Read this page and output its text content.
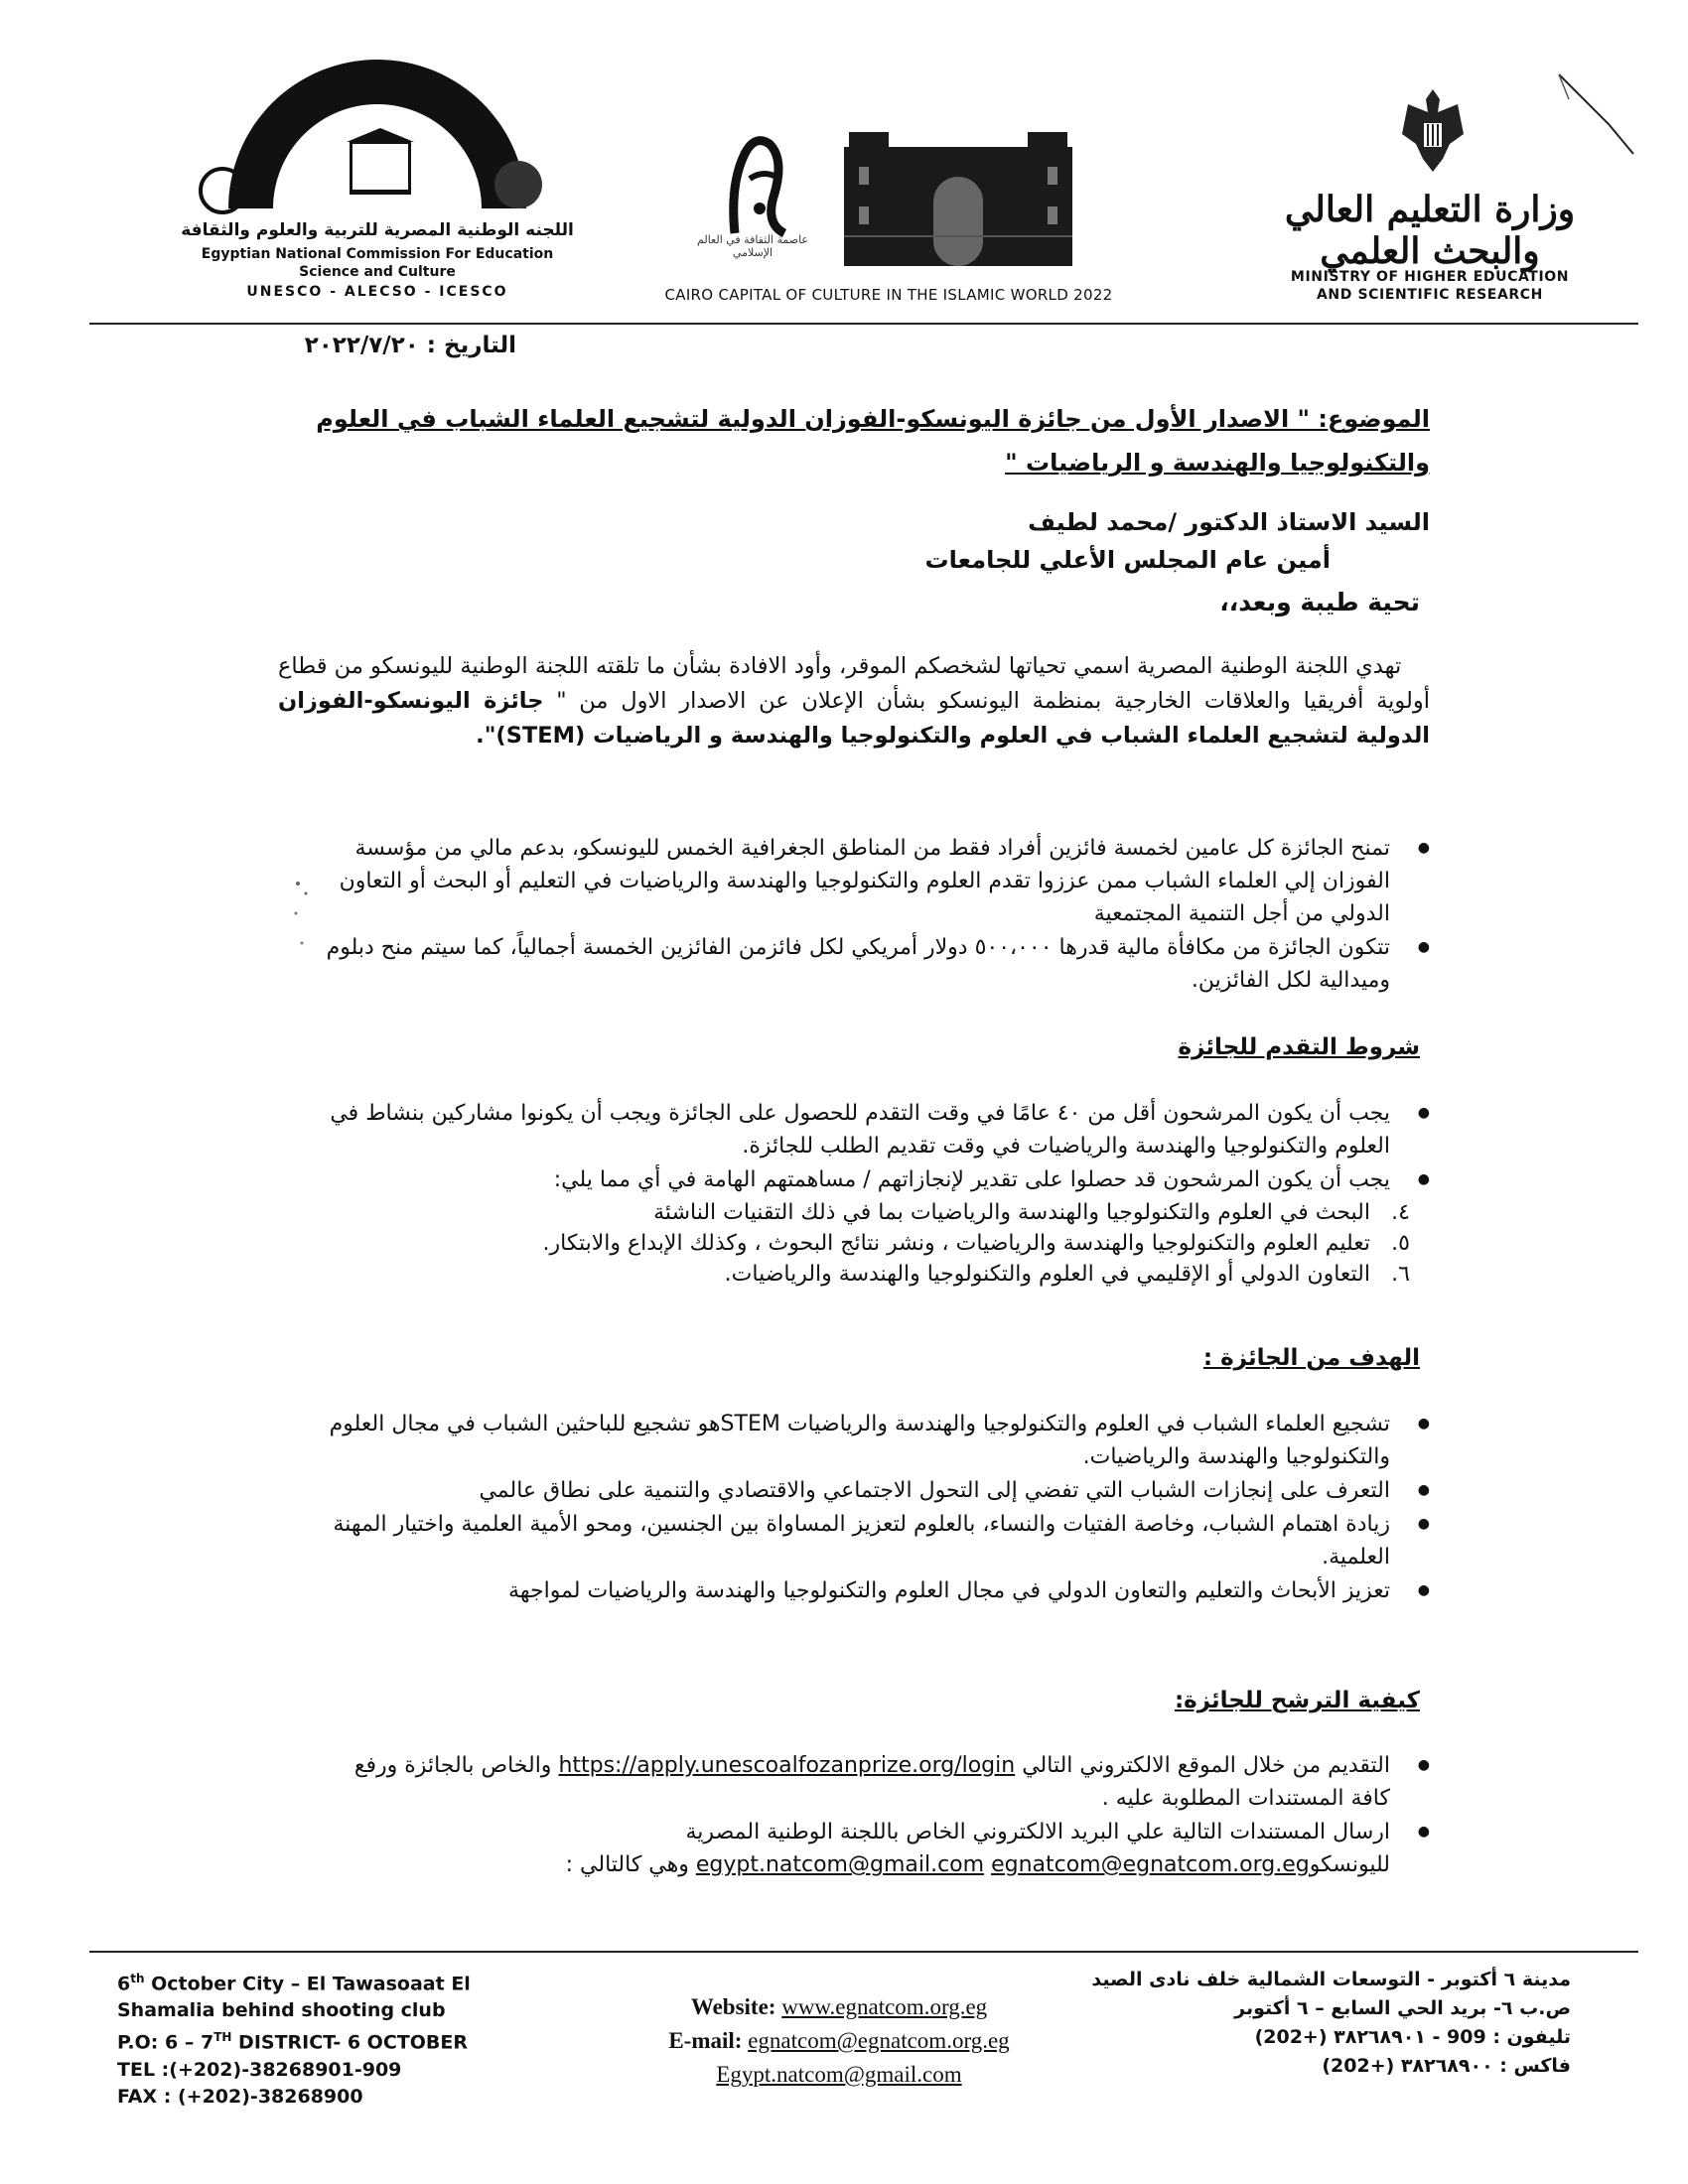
اللجنه الوطنية المصرية للتربية والعلوم والثقافة
Egyptian National Commission For Education
Science and Culture
UNESCO - ALECSO - ICESCO
عاصمة الثقافة في العالم الإسلامي
CAIRO CAPITAL OF CULTURE IN THE ISLAMIC WORLD 2022
وزارة التعليم العالي والبحث العلمي
MINISTRY OF HIGHER EDUCATION
AND SCIENTIFIC RESEARCH
التاريخ : ٢٠٢٢/٧/٢٠
الموضوع: " الاصدار الأول من جائزة اليونسكو-الفوزان الدولية لتشجيع العلماء الشباب في العلوم والتكنولوجيا والهندسة و الرياضيات "
السيد الاستاذ الدكتور /محمد لطيف
أمين عام المجلس الأعلي للجامعات
تحية طيبة وبعد،،
تهدي اللجنة الوطنية المصرية اسمي تحياتها لشخصكم الموقر، وأود الافادة بشأن ما تلقته اللجنة الوطنية لليونسكو من قطاع أولوية أفريقيا والعلاقات الخارجية بمنظمة اليونسكو بشأن الإعلان عن الاصدار الاول من " جائزة اليونسكو-الفوزان الدولية لتشجيع العلماء الشباب في العلوم والتكنولوجيا والهندسة و الرياضيات (STEM)".
● تمنح الجائزة كل عامين لخمسة فائزين أفراد فقط من المناطق الجغرافية الخمس لليونسكو، بدعم مالي من مؤسسة الفوزان إلي العلماء الشباب ممن عززوا تقدم العلوم والتكنولوجيا والهندسة والرياضيات في التعليم أو البحث أو التعاون الدولي من أجل التنمية المجتمعية
● تتكون الجائزة من مكافأة مالية قدرها ٥٠٠،٠٠٠ دولار أمريكي لكل فائزمن الفائزين الخمسة أجمالياً، كما سيتم منح دبلوم وميدالية لكل الفائزين.
شروط التقدم للجائزة
● يجب أن يكون المرشحون أقل من ٤٠ عامًا في وقت التقدم للحصول على الجائزة ويجب أن يكونوا مشاركين بنشاط في العلوم والتكنولوجيا والهندسة والرياضيات في وقت تقديم الطلب للجائزة.
● يجب أن يكون المرشحون قد حصلوا على تقدير لإنجازاتهم / مساهمتهم الهامة في أي مما يلي:
٤.
البحث في العلوم والتكنولوجيا والهندسة والرياضيات بما في ذلك التقنيات الناشئة
٥.
تعليم العلوم والتكنولوجيا والهندسة والرياضيات ، ونشر نتائج البحوث ، وكذلك الإبداع والابتكار.
٦.
التعاون الدولي أو الإقليمي في العلوم والتكنولوجيا والهندسة والرياضيات.
الهدف من الجائزة :
● تشجيع العلماء الشباب في العلوم والتكنولوجيا والهندسة والرياضيات STEMهو تشجيع للباحثين الشباب في مجال العلوم والتكنولوجيا والهندسة والرياضيات.
● التعرف على إنجازات الشباب التي تفضي إلى التحول الاجتماعي والاقتصادي والتنمية على نطاق عالمي
● زيادة اهتمام الشباب، وخاصة الفتيات والنساء، بالعلوم لتعزيز المساواة بين الجنسين، ومحو الأمية العلمية واختيار المهنة العلمية.
● تعزيز الأبحاث والتعليم والتعاون الدولي في مجال العلوم والتكنولوجيا والهندسة والرياضيات لمواجهة
كيفية الترشح للجائزة:
● التقديم من خلال الموقع الالكتروني التالي https://apply.unescoalfozanprize.org/login والخاص بالجائزة ورفع كافة المستندات المطلوبة عليه .
● ارسال المستندات التالية علي البريد الالكتروني الخاص باللجنة الوطنية المصرية لليونسكوegnatcom@egnatcom.org.eg egypt.natcom@gmail.com وهي كالتالي :
6th October City – El Tawasoaat El
Shamalia behind shooting club
P.O: 6 – 7TH DISTRICT- 6 OCTOBER
TEL :(+202)-38268901-909
FAX : (+202)-38268900
Website: www.egnatcom.org.eg
E-mail: egnatcom@egnatcom.org.eg
Egypt.natcom@gmail.com
مدينة ٦ أكتوبر - التوسعات الشمالية خلف نادى الصيد
ص.ب ٦- بريد الحي السابع – ٦ أكتوبر
تليفون : 909 - ٣٨٢٦٨٩٠١ (+202)
فاكس : ٣٨٢٦٨٩٠٠ (+202)
